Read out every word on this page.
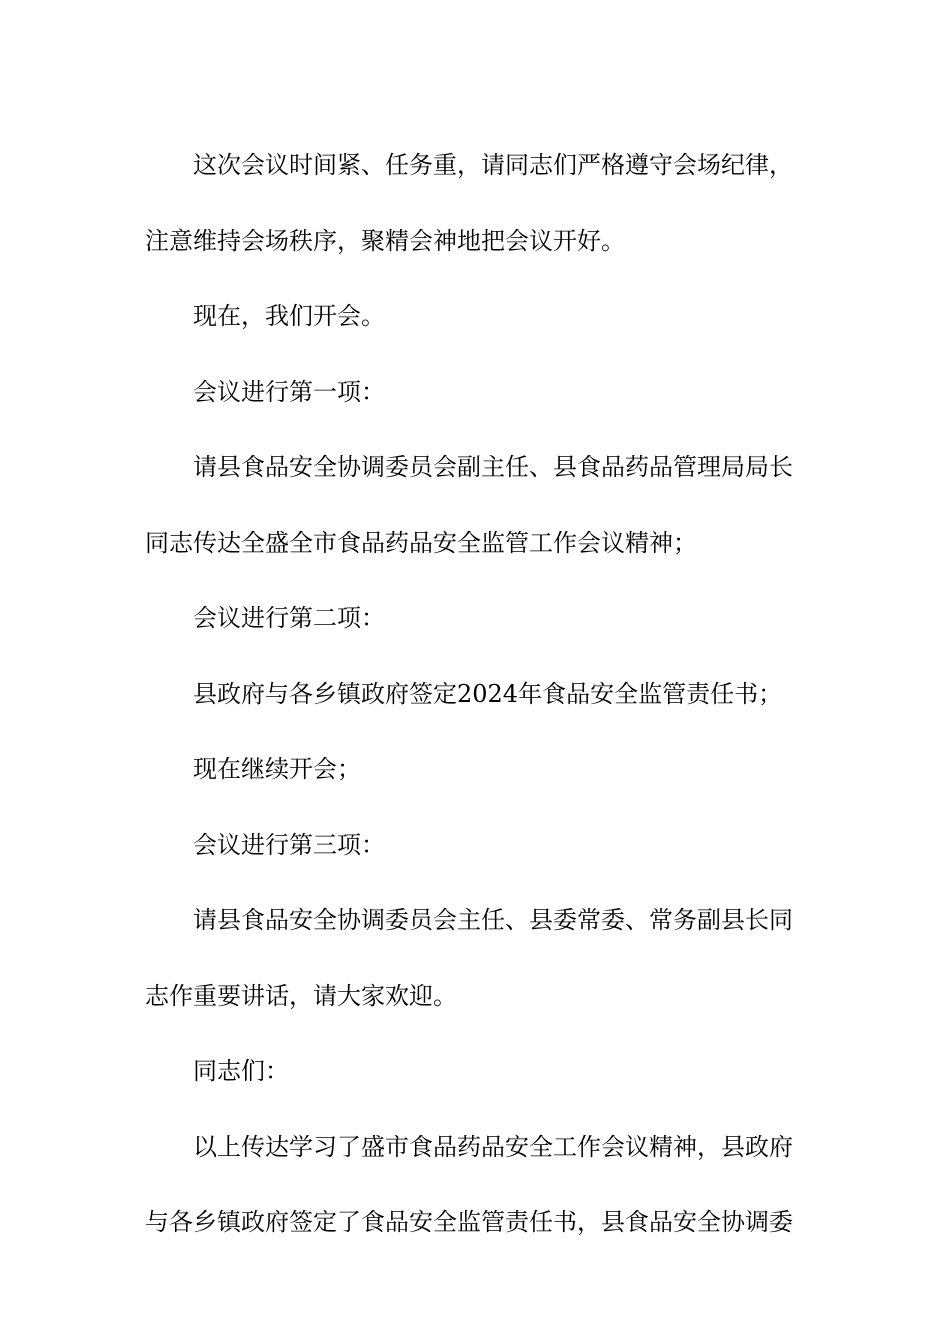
这次会议时间紧、任务重，请同志们严格遵守会场纪律，注意维持会场秩序，聚精会神地把会议开好。

现在，我们开会。

会议进行第一项：

请县食品安全协调委员会副主任、县食品药品管理局局长同志传达全盛全市食品药品安全监管工作会议精神；

会议进行第二项：

县政府与各乡镇政府签定2024年食品安全监管责任书；

现在继续开会；

会议进行第三项：

请县食品安全协调委员会主任、县委常委、常务副县长同志作重要讲话，请大家欢迎。

同志们：

以上传达学习了盛市食品药品安全工作会议精神，县政府与各乡镇政府签定了食品安全监管责任书，县食品安全协调委
